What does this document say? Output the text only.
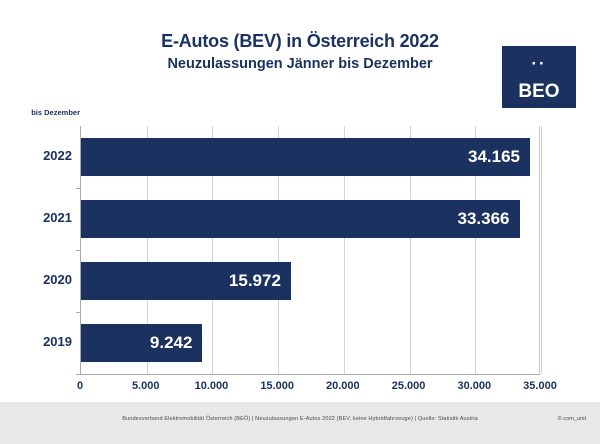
E-Autos (BEV) in Österreich 2022
Neuzulassungen Jänner bis Dezember	··
BEO
bis Dezember
34.165
33.366
15.972
9.242
Bundesverband Elektromobilität Österreich (BEÖ) | Neuzulassungen E-Autos 2022 (BEV, keine Hybridfahrzeuge) | Quelle: Statistik Austria	© com_unit
0	5.000	10.000	15.000	20.000	25.000	30.000	35.000
2022
2021
2020
2019
